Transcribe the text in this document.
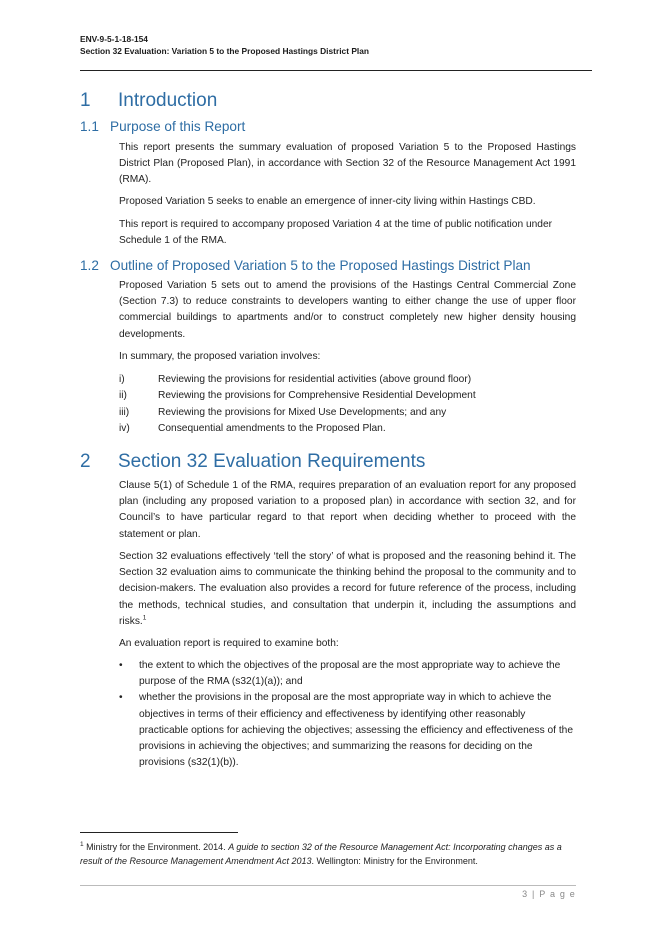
ENV-9-5-1-18-154
Section 32 Evaluation: Variation 5 to the Proposed Hastings District Plan
1 Introduction
1.1 Purpose of this Report
This report presents the summary evaluation of proposed Variation 5 to the Proposed Hastings District Plan (Proposed Plan), in accordance with Section 32 of the Resource Management Act 1991 (RMA).
Proposed Variation 5 seeks to enable an emergence of inner-city living within Hastings CBD.
This report is required to accompany proposed Variation 4 at the time of public notification under Schedule 1 of the RMA.
1.2 Outline of Proposed Variation 5 to the Proposed Hastings District Plan
Proposed Variation 5 sets out to amend the provisions of the Hastings Central Commercial Zone (Section 7.3) to reduce constraints to developers wanting to either change the use of upper floor commercial buildings to apartments and/or to construct completely new higher density housing developments.
In summary, the proposed variation involves:
i)	Reviewing the provisions for residential activities (above ground floor)
ii)	Reviewing the provisions for Comprehensive Residential Development
iii)	Reviewing the provisions for Mixed Use Developments; and any
iv)	Consequential amendments to the Proposed Plan.
2 Section 32 Evaluation Requirements
Clause 5(1) of Schedule 1 of the RMA, requires preparation of an evaluation report for any proposed plan (including any proposed variation to a proposed plan) in accordance with section 32, and for Council’s to have particular regard to that report when deciding whether to proceed with the statement or plan.
Section 32 evaluations effectively ‘tell the story’ of what is proposed and the reasoning behind it. The Section 32 evaluation aims to communicate the thinking behind the proposal to the community and to decision-makers. The evaluation also provides a record for future reference of the process, including the methods, technical studies, and consultation that underpin it, including the assumptions and risks.$^1$
An evaluation report is required to examine both:
• the extent to which the objectives of the proposal are the most appropriate way to achieve the purpose of the RMA (s32(1)(a)); and
• whether the provisions in the proposal are the most appropriate way in which to achieve the objectives in terms of their efficiency and effectiveness by identifying other reasonably practicable options for achieving the objectives; assessing the efficiency and effectiveness of the provisions in achieving the objectives; and summarizing the reasons for deciding on the provisions (s32(1)(b)).
$^1$ Ministry for the Environment. 2014. A guide to section 32 of the Resource Management Act: Incorporating changes as a result of the Resource Management Amendment Act 2013. Wellington: Ministry for the Environment.
3 | P a g e
